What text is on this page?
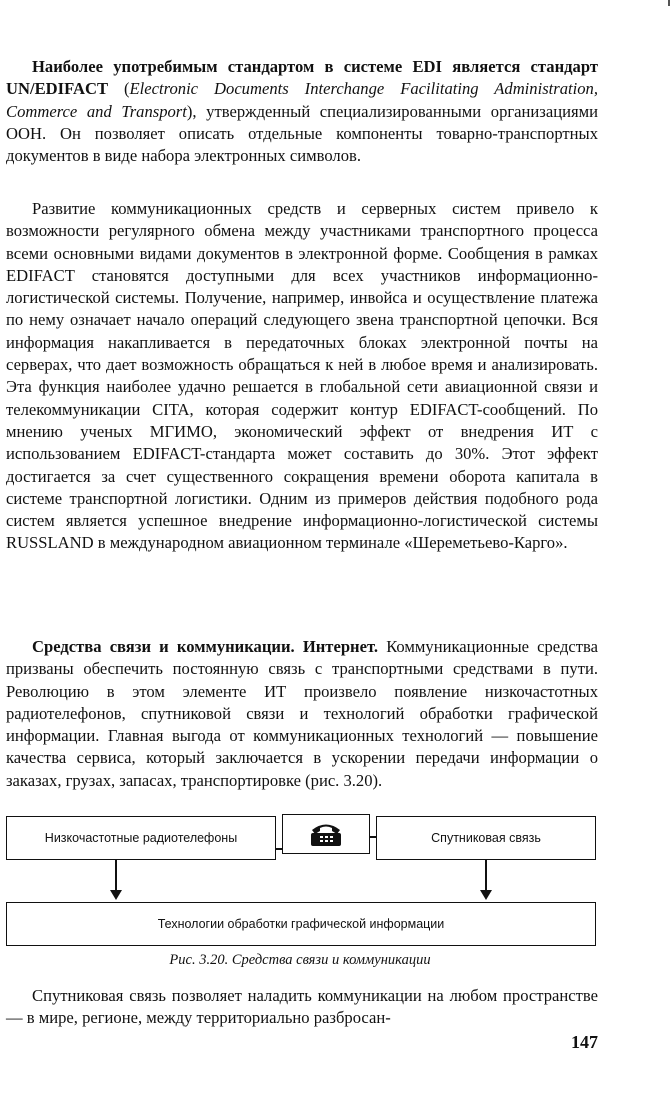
Наиболее употребимым стандартом в системе EDI является стандарт UN/EDIFACT (Electronic Documents Interchange Facilitating Administration, Commerce and Transport), утвержденный специализированными организациями ООН. Он позволяет описать отдельные компоненты товарно-транспортных документов в виде набора электронных символов.

Развитие коммуникационных средств и серверных систем привело к возможности регулярного обмена между участниками транспортного процесса всеми основными видами документов в электронной форме. Сообщения в рамках EDIFACT становятся доступными для всех участников информационно-логистической системы. Получение, например, инвойса и осуществление платежа по нему означает начало операций следующего звена транспортной цепочки. Вся информация накапливается в передаточных блоках электронной почты на серверах, что дает возможность обращаться к ней в любое время и анализировать. Эта функция наиболее удачно решается в глобальной сети авиационной связи и телекоммуникации CITA, которая содержит контур EDIFACT-сообщений. По мнению ученых МГИМО, экономический эффект от внедрения ИТ с использованием EDIFACT-стандарта может составить до 30%. Этот эффект достигается за счет существенного сокращения времени оборота капитала в системе транспортной логистики. Одним из примеров действия подобного рода систем является успешное внедрение информационно-логистической системы RUSSLAND в международном авиационном терминале «Шереметьево-Карго».

Средства связи и коммуникации. Интернет. Коммуникационные средства призваны обеспечить постоянную связь с транспортными средствами в пути. Революцию в этом элементе ИТ произвело появление низкочастотных радиотелефонов, спутниковой связи и технологий обработки графической информации. Главная выгода от коммуникационных технологий — повышение качества сервиса, который заключается в ускорении передачи информации о заказах, грузах, запасах, транспортировке (рис. 3.20).

Низкочастотные радиотелефоны	Спутниковая связь
Технологии обработки графической информации
Рис. 3.20. Средства связи и коммуникации

Спутниковая связь позволяет наладить коммуникации на любом пространстве — в мире, регионе, между территориально разбросан-

147
